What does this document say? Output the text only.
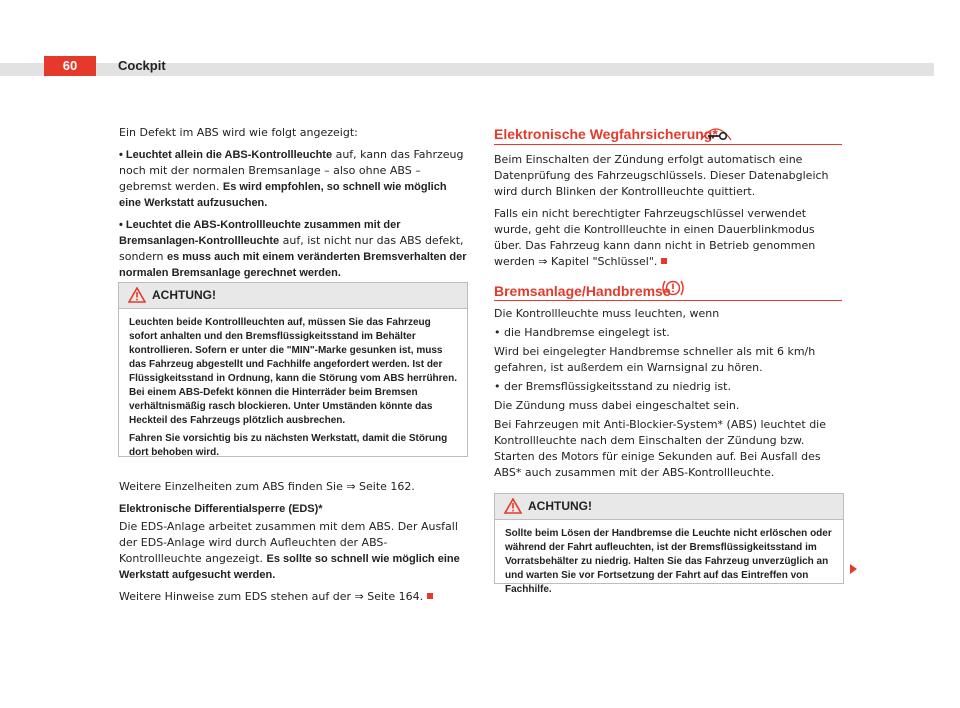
60	Cockpit

Ein Defekt im ABS wird wie folgt angezeigt:

• Leuchtet allein die ABS-Kontrollleuchte auf, kann das Fahrzeug noch mit der normalen Bremsanlage – also ohne ABS – gebremst werden. Es wird empfohlen, so schnell wie möglich eine Werkstatt aufzusuchen.

• Leuchtet die ABS-Kontrollleuchte zusammen mit der Bremsanlagen-Kontrollleuchte auf, ist nicht nur das ABS defekt, sondern es muss auch mit einem veränderten Bremsverhalten der normalen Bremsanlage gerechnet werden.

ACHTUNG!

Leuchten beide Kontrollleuchten auf, müssen Sie das Fahrzeug sofort anhalten und den Bremsflüssigkeitsstand im Behälter kontrollieren. Sofern er unter die "MIN"-Marke gesunken ist, muss das Fahrzeug abgestellt und Fachhilfe angefordert werden. Ist der Flüssigkeitsstand in Ordnung, kann die Störung vom ABS herrühren. Bei einem ABS-Defekt können die Hinterräder beim Bremsen verhältnismäßig rasch blockieren. Unter Umständen könnte das Heckteil des Fahrzeugs plötzlich ausbrechen.

Fahren Sie vorsichtig bis zu nächsten Werkstatt, damit die Störung dort behoben wird.

Weitere Einzelheiten zum ABS finden Sie ⇒ Seite 162.

Elektronische Differentialsperre (EDS)*

Die EDS-Anlage arbeitet zusammen mit dem ABS. Der Ausfall der EDS-Anlage wird durch Aufleuchten der ABS-Kontrollleuchte angezeigt. Es sollte so schnell wie möglich eine Werkstatt aufgesucht werden.

Weitere Hinweise zum EDS stehen auf der ⇒ Seite 164.

Elektronische Wegfahrsicherung*

Beim Einschalten der Zündung erfolgt automatisch eine Datenprüfung des Fahrzeugschlüssels. Dieser Datenabgleich wird durch Blinken der Kontrollleuchte quittiert.

Falls ein nicht berechtigter Fahrzeugschlüssel verwendet wurde, geht die Kontrollleuchte in einen Dauerblinkmodus über. Das Fahrzeug kann dann nicht in Betrieb genommen werden ⇒ Kapitel "Schlüssel".

Bremsanlage/Handbremse

Die Kontrollleuchte muss leuchten, wenn

• die Handbremse eingelegt ist.

Wird bei eingelegter Handbremse schneller als mit 6 km/h gefahren, ist außerdem ein Warnsignal zu hören.

• der Bremsflüssigkeitsstand zu niedrig ist.

Die Zündung muss dabei eingeschaltet sein.

Bei Fahrzeugen mit Anti-Blockier-System* (ABS) leuchtet die Kontrollleuchte nach dem Einschalten der Zündung bzw. Starten des Motors für einige Sekunden auf. Bei Ausfall des ABS* auch zusammen mit der ABS-Kontrollleuchte.

ACHTUNG!

Sollte beim Lösen der Handbremse die Leuchte nicht erlöschen oder während der Fahrt aufleuchten, ist der Bremsflüssigkeitsstand im Vorratsbehälter zu niedrig. Halten Sie das Fahrzeug unverzüglich an und warten Sie vor Fortsetzung der Fahrt auf das Eintreffen von Fachhilfe.
